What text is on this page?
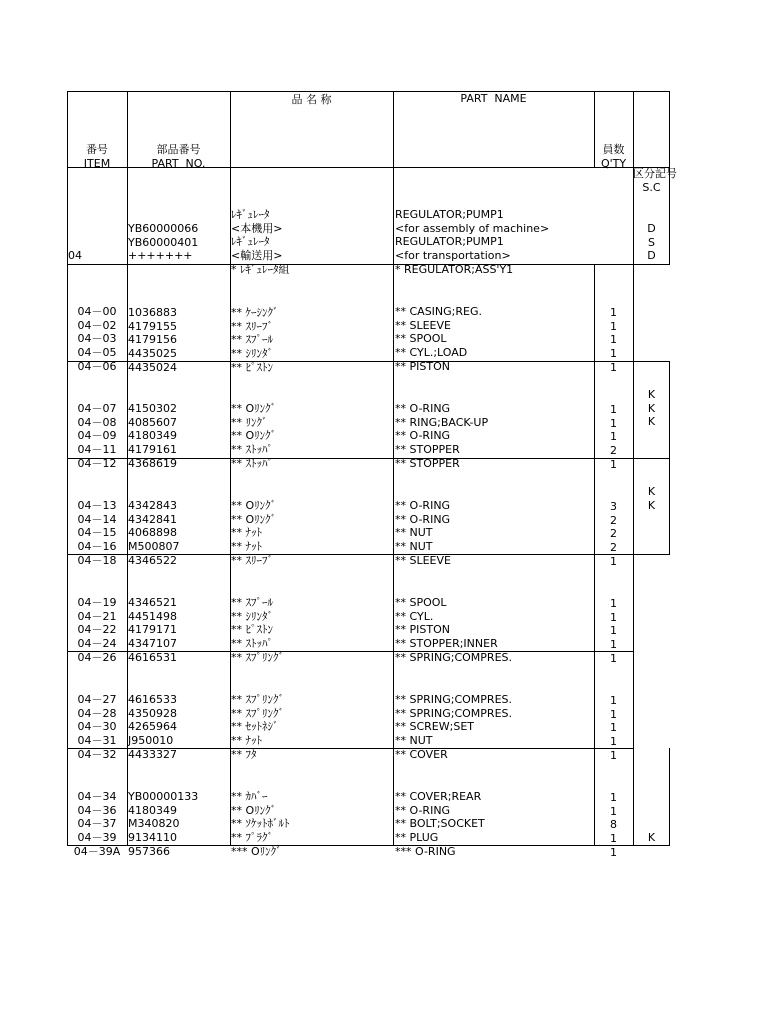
番号
ITEM

部品番号
PART  NO.

品 名 称	PART  NAME

員数
Q'TY

区分記号
S.C

04

YB60000066
YB60000401
+++++++

ﾚｷﾞｭﾚｰﾀ
<本機用>
ﾚｷﾞｭﾚｰﾀ
<輸送用>
* ﾚｷﾞｭﾚｰﾀ組

REGULATOR;PUMP1
<for assembly of machine>
REGULATOR;PUMP1
<for transportation>
* REGULATOR;ASS'Y1

D
S
D

04－00
04－02
04－03
04－05
04－06

1036883
4179155
4179156
4435025
4435024

** ｹｰｼﾝｸﾞ
** ｽﾘｰﾌﾞ
** ｽﾌﾟｰﾙ
** ｼﾘﾝﾀﾞ
** ﾋﾟｽﾄﾝ

** CASING;REG.
** SLEEVE
** SPOOL
** CYL.;LOAD
** PISTON

1
1
1
1
1

04－07
04－08
04－09
04－11
04－12

4150302
4085607
4180349
4179161
4368619

** Oﾘﾝｸﾞ
** ﾘﾝｸﾞ
** Oﾘﾝｸﾞ
** ｽﾄｯﾊﾟ
** ｽﾄｯﾊﾟ

** O-RING
** RING;BACK-UP
** O-RING
** STOPPER
** STOPPER

1
1
1
2
1

K
K
K

04－13
04－14
04－15
04－16
04－18

4342843
4342841
4068898
M500807
4346522

** Oﾘﾝｸﾞ
** Oﾘﾝｸﾞ
** ﾅｯﾄ
** ﾅｯﾄ
** ｽﾘｰﾌﾞ

** O-RING
** O-RING
** NUT
** NUT
** SLEEVE

3
2
2
2
1

K
K

04－19
04－21
04－22
04－24
04－26

4346521
4451498
4179171
4347107
4616531

** ｽﾌﾟｰﾙ
** ｼﾘﾝﾀﾞ
** ﾋﾟｽﾄﾝ
** ｽﾄｯﾊﾟ
** ｽﾌﾟﾘﾝｸﾞ

** SPOOL
** CYL.
** PISTON
** STOPPER;INNER
** SPRING;COMPRES.

1
1
1
1
1

04－27
04－28
04－30
04－31
04－32

4616533
4350928
4265964
J950010
4433327

** ｽﾌﾟﾘﾝｸﾞ
** ｽﾌﾟﾘﾝｸﾞ
** ｾｯﾄﾈｼﾞ
** ﾅｯﾄ
** ﾌﾀ

** SPRING;COMPRES.
** SPRING;COMPRES.
** SCREW;SET
** NUT
** COVER

1
1
1
1
1

04－34
04－36
04－37
04－39
04－39A

YB00000133
4180349
M340820
9134110
957366

** ｶﾊﾞｰ
** Oﾘﾝｸﾞ
** ｿｹｯﾄﾎﾞﾙﾄ
** ﾌﾟﾗｸﾞ
*** Oﾘﾝｸﾞ

** COVER;REAR
** O-RING
** BOLT;SOCKET
** PLUG
*** O-RING

1
1
8
1
1

K
